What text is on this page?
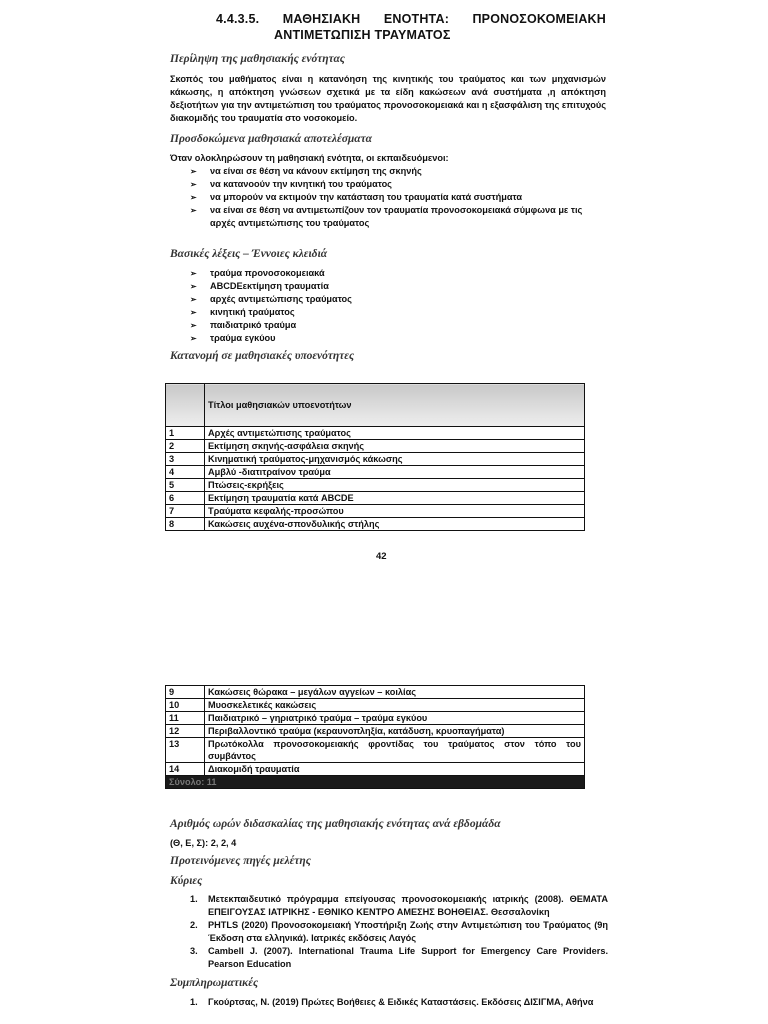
4.4.3.5. ΜΑΘΗΣΙΑΚΗ ΕΝΟΤΗΤΑ: ΠΡΟΝΟΣΟΚΟΜΕΙΑΚΗ
ΑΝΤΙΜΕΤΩΠΙΣΗ ΤΡΑΥΜΑΤΟΣ
Περίληψη της μαθησιακής ενότητας

Σκοπός του μαθήματος είναι η κατανόηση της κινητικής του τραύματος και των μηχανισμών κάκωσης, η απόκτηση γνώσεων σχετικά με τα είδη κακώσεων ανά συστήματα ,η απόκτηση δεξιοτήτων για την αντιμετώπιση του τραύματος προνοσοκομειακά και η εξασφάλιση της επιτυχούς διακομιδής του τραυματία στο νοσοκομείο.

Προσδοκώμενα μαθησιακά αποτελέσματα

Όταν ολοκληρώσουν τη μαθησιακή ενότητα, οι εκπαιδευόμενοι:

➢ να είναι σε θέση να κάνουν εκτίμηση της σκηνής
➢ να κατανοούν την κινητική του τραύματος
➢ να μπορούν να εκτιμούν την κατάσταση του τραυματία κατά συστήματα
➢ να είναι σε θέση να αντιμετωπίζουν τον τραυματία προνοσοκομειακά σύμφωνα με τις αρχές αντιμετώπισης του τραύματος
Βασικές λέξεις – Έννοιες κλειδιά
➢ τραύμα προνοσοκομειακά
➢ ABCDEεκτίμηση τραυματία
➢ αρχές αντιμετώπισης τραύματος
➢ κινητική τραύματος
➢ παιδιατρικό τραύμα
➢ τραύμα εγκύου
Κατανομή σε μαθησιακές υποενότητες
	Τίτλοι μαθησιακών υποενοτήτων
1	Αρχές αντιμετώπισης τραύματος
2	Εκτίμηση σκηνής-ασφάλεια σκηνής
3	Κινηματική τραύματος-μηχανισμός κάκωσης
4	Αμβλύ -διατιτραίνον τραύμα
5	Πτώσεις-εκρήξεις
6	Εκτίμηση τραυματία κατά ABCDE
7	Τραύματα κεφαλής-προσώπου
8	Κακώσεις αυχένα-σπονδυλικής στήλης
42
9	Κακώσεις θώρακα – μεγάλων αγγείων – κοιλίας
10	Μυοσκελετικές κακώσεις
11	Παιδιατρικό – γηριατρικό τραύμα – τραύμα εγκύου
12	Περιβαλλοντικό τραύμα (κεραυνοπληξία, κατάδυση, κρυοπαγήματα)
13	Πρωτόκολλα προνοσοκομειακής φροντίδας του τραύματος στον τόπο του συμβάντος
14	Διακομιδή τραυματία
Σύνολο: 11	
Αριθμός ωρών διδασκαλίας της μαθησιακής ενότητας ανά εβδομάδα
(Θ, Ε, Σ): 2, 2, 4
Προτεινόμενες πηγές μελέτης
Κύριες
1. Μετεκπαιδευτικό πρόγραμμα επείγουσας προνοσοκομειακής ιατρικής (2008). ΘΕΜΑΤΑ ΕΠΕΙΓΟΥΣΑΣ ΙΑΤΡΙΚΗΣ - ΕΘΝΙΚΟ ΚΕΝΤΡΟ ΑΜΕΣΗΣ ΒΟΗΘΕΙΑΣ. Θεσσαλονίκη
2. PHTLS (2020) Προνοσοκομειακή Υποστήριξη Ζωής στην Αντιμετώπιση του Τραύματος (9η Έκδοση στα ελληνικά). Ιατρικές εκδόσεις Λαγός
3. Cambell J. (2007). International Trauma Life Support for Emergency Care Providers. Pearson Education
Συμπληρωματικές
1. Γκούρτσας, Ν. (2019) Πρώτες Βοήθειες & Ειδικές Καταστάσεις. Εκδόσεις ΔΙΣΙΓΜΑ, Αθήνα
